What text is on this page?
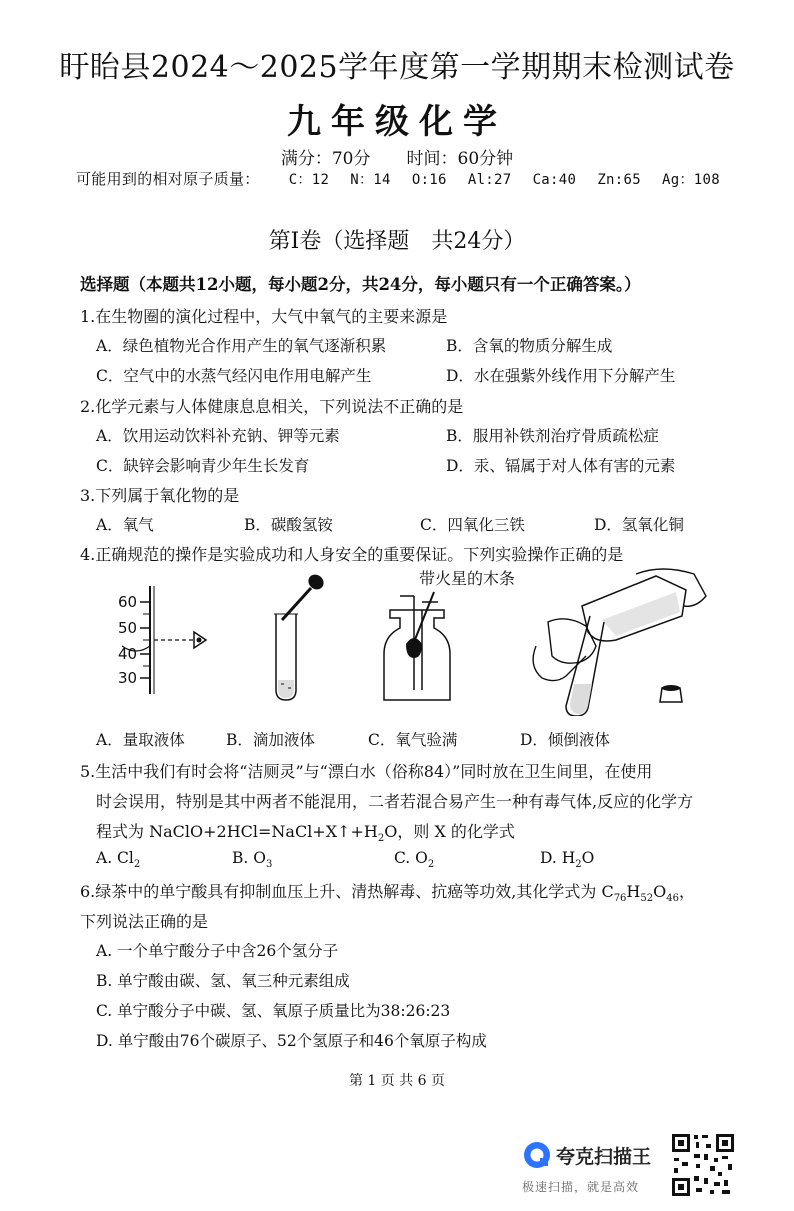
盱眙县2024～2025学年度第一学期期末检测试卷
九年级化学
满分：70分 时间：60分钟
可能用到的相对原子质量： C：12 N：14 O:16 Al:27 Ca:40 Zn:65 Ag：108
第Ⅰ卷（选择题　共24分）
选择题（本题共12小题，每小题2分，共24分，每小题只有一个正确答案。）
1.在生物圈的演化过程中，大气中氧气的主要来源是
A．绿色植物光合作用产生的氧气逐渐积累	B．含氧的物质分解生成
C．空气中的水蒸气经闪电作用电解产生	D．水在强紫外线作用下分解产生
2.化学元素与人体健康息息相关，下列说法不正确的是
A．饮用运动饮料补充钠、钾等元素	B．服用补铁剂治疗骨质疏松症
C．缺锌会影响青少年生长发育	D．汞、镉属于对人体有害的元素
3.下列属于氧化物的是
A．氧气	B．碳酸氢铵	C．四氧化三铁	D．氢氧化铜
4.正确规范的操作是实验成功和人身安全的重要保证。下列实验操作正确的是
60
50
40
30
带火星的木条
A．量取液体	B．滴加液体	C．氧气验满	D．倾倒液体
5.生活中我们有时会将“洁厕灵”与“漂白水（俗称84）”同时放在卫生间里，在使用
时会误用，特别是其中两者不能混用，二者若混合易产生一种有毒气体,反应的化学方
程式为 $NaClO+2HCl=NaCl+X↑+H_2O$，则 X 的化学式
A. $Cl_2$	B. $O_3$	C. $O_2$	D. $H_2O$
6.绿茶中的单宁酸具有抑制血压上升、清热解毒、抗癌等功效,其化学式为 $C_{76}H_{52}O_{46}$，
下列说法正确的是
A. 一个单宁酸分子中含26个氢分子
B. 单宁酸由碳、氢、氧三种元素组成
C. 单宁酸分子中碳、氢、氧原子质量比为38:26:23
D. 单宁酸由76个碳原子、52个氢原子和46个氧原子构成
第 1 页 共 6 页
夸克扫描王
极速扫描，就是高效
